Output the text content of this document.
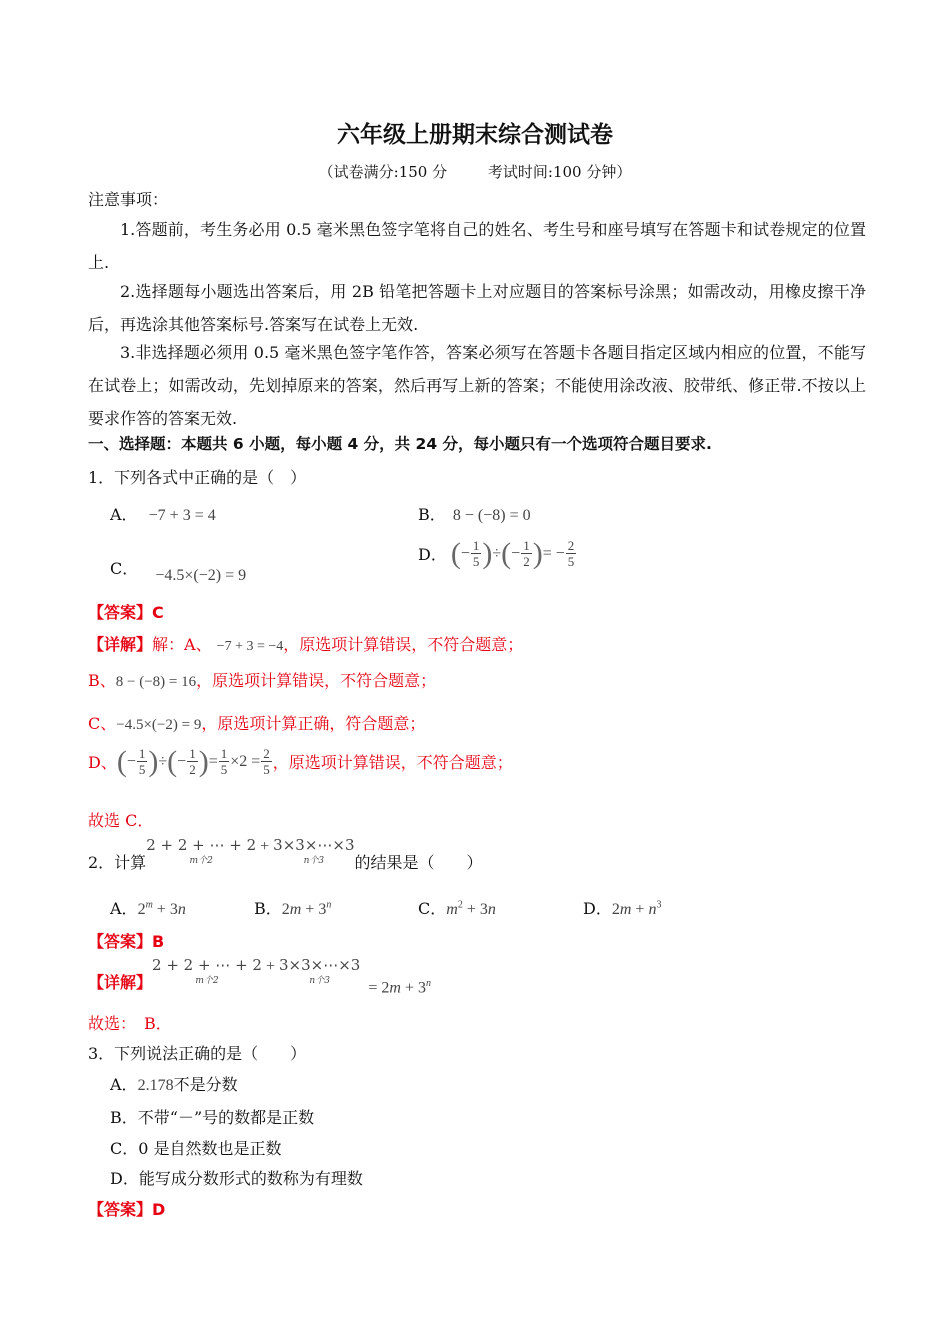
六年级上册期末综合测试卷
（试卷满分:150 分	考试时间:100 分钟）
注意事项：
1.答题前，考生务必用 0.5 毫米黑色签字笔将自己的姓名、考生号和座号填写在答题卡和试卷规定的位置上.
2.选择题每小题选出答案后，用 2B 铅笔把答题卡上对应题目的答案标号涂黑；如需改动，用橡皮擦干净后，再选涂其他答案标号.答案写在试卷上无效.
3.非选择题必须用 0.5 毫米黑色签字笔作答，答案必须写在答题卡各题目指定区域内相应的位置，不能写在试卷上；如需改动，先划掉原来的答案，然后再写上新的答案；不能使用涂改液、胶带纸、修正带.不按以上要求作答的答案无效.
一、选择题：本题共 6 小题，每小题 4 分，共 24 分，每小题只有一个选项符合题目要求.
1．下列各式中正确的是（　）
A． −7 + 3 = 4	B． 8 − (−8) = 0
C． −4.5×(−2) = 9
D． ( − $\frac{1}{5}$ ) ÷ ( − $\frac{1}{2}$ ) = − $\frac{2}{5}$
【答案】C
【详解】解：A、 −7 + 3 = −4，原选项计算错误，不符合题意；
B、8 − (−8) = 16，原选项计算错误，不符合题意；
C、−4.5×(−2) = 9，原选项计算正确，符合题意；
D、 ( − $\frac{1}{5}$ ) ÷ ( − $\frac{1}{2}$ ) = $\frac{1}{5} \times 2 = \frac{2}{5}$ ，原选项计算错误，不符合题意；
故选 C．
2．计算
2 + 2 + ⋯ + 2
m个2
+ 3×3×⋯×3
n个3 的结果是（　　）
A．$2^m + 3n$	B．$2m + 3^n$	C．$m^2 + 3n$	D．$2m + n^3$
【答案】B
【详解】
2 + 2 + ⋯ + 2
m个2
+ 3×3×⋯×3
n个$3 = 2m + 3^n$
故选：　B．
3．下列说法正确的是（　　）
A．2.178不是分数
B．不带“－”号的数都是正数
C．0 是自然数也是正数
D．能写成分数形式的数称为有理数
【答案】D
